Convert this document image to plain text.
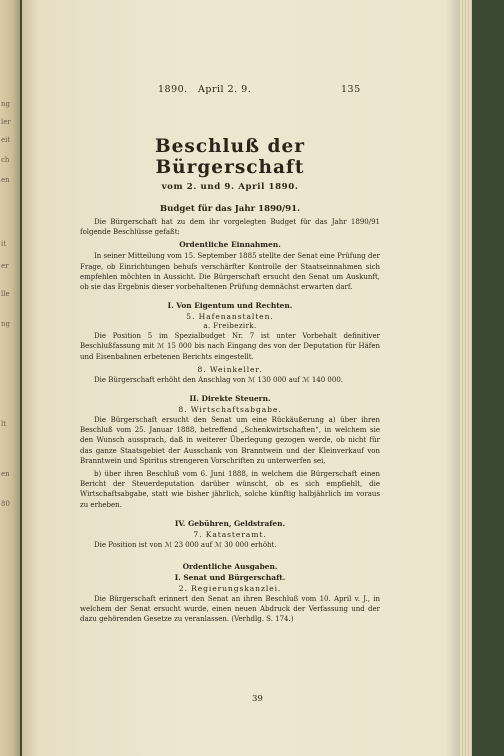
ng
ler
eit
ch
en
it
er
lle
ng
lt
en
80
1890. April 2. 9.	135
Beschluß der Bürgerschaft
vom 2. und 9. April 1890.
Budget für das Jahr 1890/91.

Die Bürgerschaft hat zu dem ihr vorgelegten Budget für das Jahr 1890/91 folgende Beschlüsse gefaßt:

Ordentliche Einnahmen.

In seiner Mitteilung vom 15. September 1885 stellte der Senat eine Prüfung der Frage, ob Einrichtungen behufs verschärfter Kontrolle der Staatseinnahmen sich empfehlen möchten in Aussicht. Die Bürgerschaft ersucht den Senat um Auskunft, ob sie das Ergebnis dieser vorbehaltenen Prüfung demnächst erwarten darf.

I. Von Eigentum und Rechten.
5. Hafenanstalten.
a. Freibezirk.

Die Position 5 im Spezialbudget Nr. 7 ist unter Vorbehalt definitiver Beschlußfassung mit ℳ 15 000 bis nach Eingang des von der Deputation für Häfen und Eisenbahnen erbetenen Berichts eingestellt.

8. Weinkeller.

Die Bürgerschaft erhöht den Anschlag von ℳ 130 000 auf ℳ 140 000.

II. Direkte Steuern.
8. Wirtschaftsabgabe.

Die Bürgerschaft ersucht den Senat um eine Rückäußerung a) über ihren Beschluß vom 25. Januar 1888, betreffend „Schenkwirtschaften“, in welchem sie den Wunsch aussprach, daß in weiterer Überlegung gezogen werde, ob nicht für das ganze Staatsgebiet der Ausschank von Branntwein und der Kleinverkauf von Branntwein und Spiritus strengeren Vorschriften zu unterwerfen sei,

b) über ihren Beschluß vom 6. Juni 1888, in welchem die Bürgerschaft einen Bericht der Steuerdeputation darüber wünscht, ob es sich empfiehlt, die Wirtschaftsabgabe, statt wie bisher jährlich, solche künftig halbjährlich im voraus zu erheben.

IV. Gebühren, Geldstrafen.
7. Katasteramt.

Die Position ist von ℳ 23 000 auf ℳ 30 000 erhöht.

Ordentliche Ausgaben.
I. Senat und Bürgerschaft.
2. Regierungskanzlei.

Die Bürgerschaft erinnert den Senat an ihren Beschluß vom 10. April v. J., in welchem der Senat ersucht wurde, einen neuen Abdruck der Verfassung und der dazu gehörenden Gesetze zu veranlassen. (Verhdlg. S. 174.)

39
